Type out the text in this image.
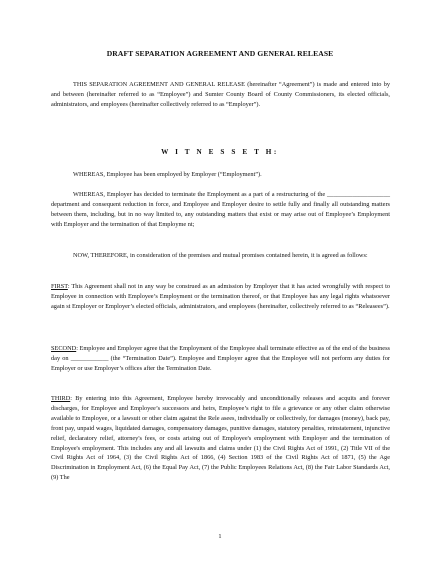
DRAFT SEPARATION AGREEMENT AND GENERAL RELEASE
THIS SEPARATION AGREEMENT AND GENERAL RELEASE (hereinafter “Agreement”) is made and entered into by and between (hereinafter referred to as “Employee”) and Sumter County Board of County Commissioners, its elected officials, administrators, and employees (hereinafter collectively referred to as “Employer”).
W I T N E S S E T H:
WHEREAS, Employee has been employed by Employer (“Employment”).
WHEREAS, Employer has decided to terminate the Employment as a part of a restructuring of the ____________________ department and consequent reduction in force, and Employee and Employer desire to settle fully and finally all outstanding matters between them, including, but in no way limited to, any outstanding matters that exist or may arise out of Employee’s Employment with Employer and the termination of that Employme nt;
NOW, THEREFORE, in consideration of the premises and mutual promises contained herein, it is agreed as follows:
FIRST: This Agreement shall not in any way be construed as an admission by Employer that it has acted wrongfully with respect to Employee in connection with Employee’s Employment or the termination thereof, or that Employee has any legal rights whatsoever again st Employer or Employer’s elected officials, administrators, and employees (hereinafter, collectively referred to as “Releasees”).
SECOND: Employee and Employer agree that the Employment of the Employee shall terminate effective as of the end of the business day on ____________ (the “Termination Date”). Employee and Employer agree that the Employee will not perform any duties for Employer or use Employer’s offices after the Termination Date.
THIRD: By entering into this Agreement, Employee hereby irrevocably and unconditionally releases and acquits and forever discharges, for Employee and Employee’s successors and heirs, Employee’s right to file a grievance or any other claim otherwise available to Employee, or a lawsuit or other claim against the Rele asees, individually or collectively, for damages (money), back pay, front pay, unpaid wages, liquidated damages, compensatory damages, punitive damages, statutory penalties, reinstatement, injunctive relief, declaratory relief, attorney's fees, or costs arising out of Employee's employment with Employer and the termination of Employee's employment. This includes any and all lawsuits and claims under (1) the Civil Rights Act of 1991, (2) Title VII of the Civil Rights Act of 1964, (3) the Civil Rights Act of 1866, (4) Section 1983 of the Civil Rights Act of 1871, (5) the Age Discrimination in Employment Act, (6) the Equal Pay Act, (7) the Public Employees Relations Act, (8) the Fair Labor Standards Act, (9) The
1
